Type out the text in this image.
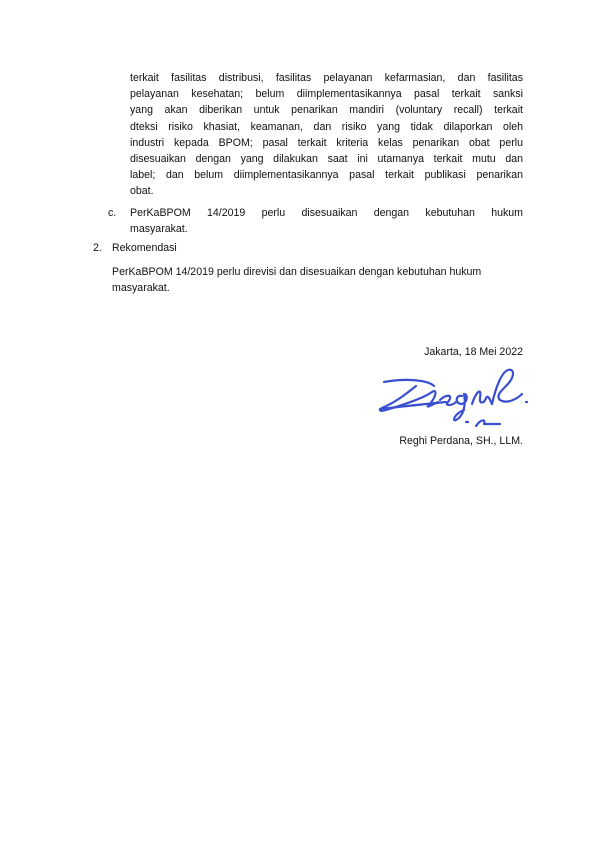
terkait fasilitas distribusi, fasilitas pelayanan kefarmasian, dan fasilitas
pelayanan kesehatan; belum diimplementasikannya pasal terkait sanksi
yang akan diberikan untuk penarikan mandiri (voluntary recall) terkait
dteksi risiko khasiat, keamanan, dan risiko yang tidak dilaporkan oleh
industri kepada BPOM; pasal terkait kriteria kelas penarikan obat perlu
disesuaikan dengan yang dilakukan saat ini utamanya terkait mutu dan
label; dan belum diimplementasikannya pasal terkait publikasi penarikan
obat.
c. PerKaBPOM 14/2019 perlu disesuaikan dengan kebutuhan hukum
masyarakat.
2. Rekomendasi
PerKaBPOM 14/2019 perlu direvisi dan disesuaikan dengan kebutuhan hukum
masyarakat.
Jakarta, 18 Mei 2022
Reghi Perdana, SH., LLM.
